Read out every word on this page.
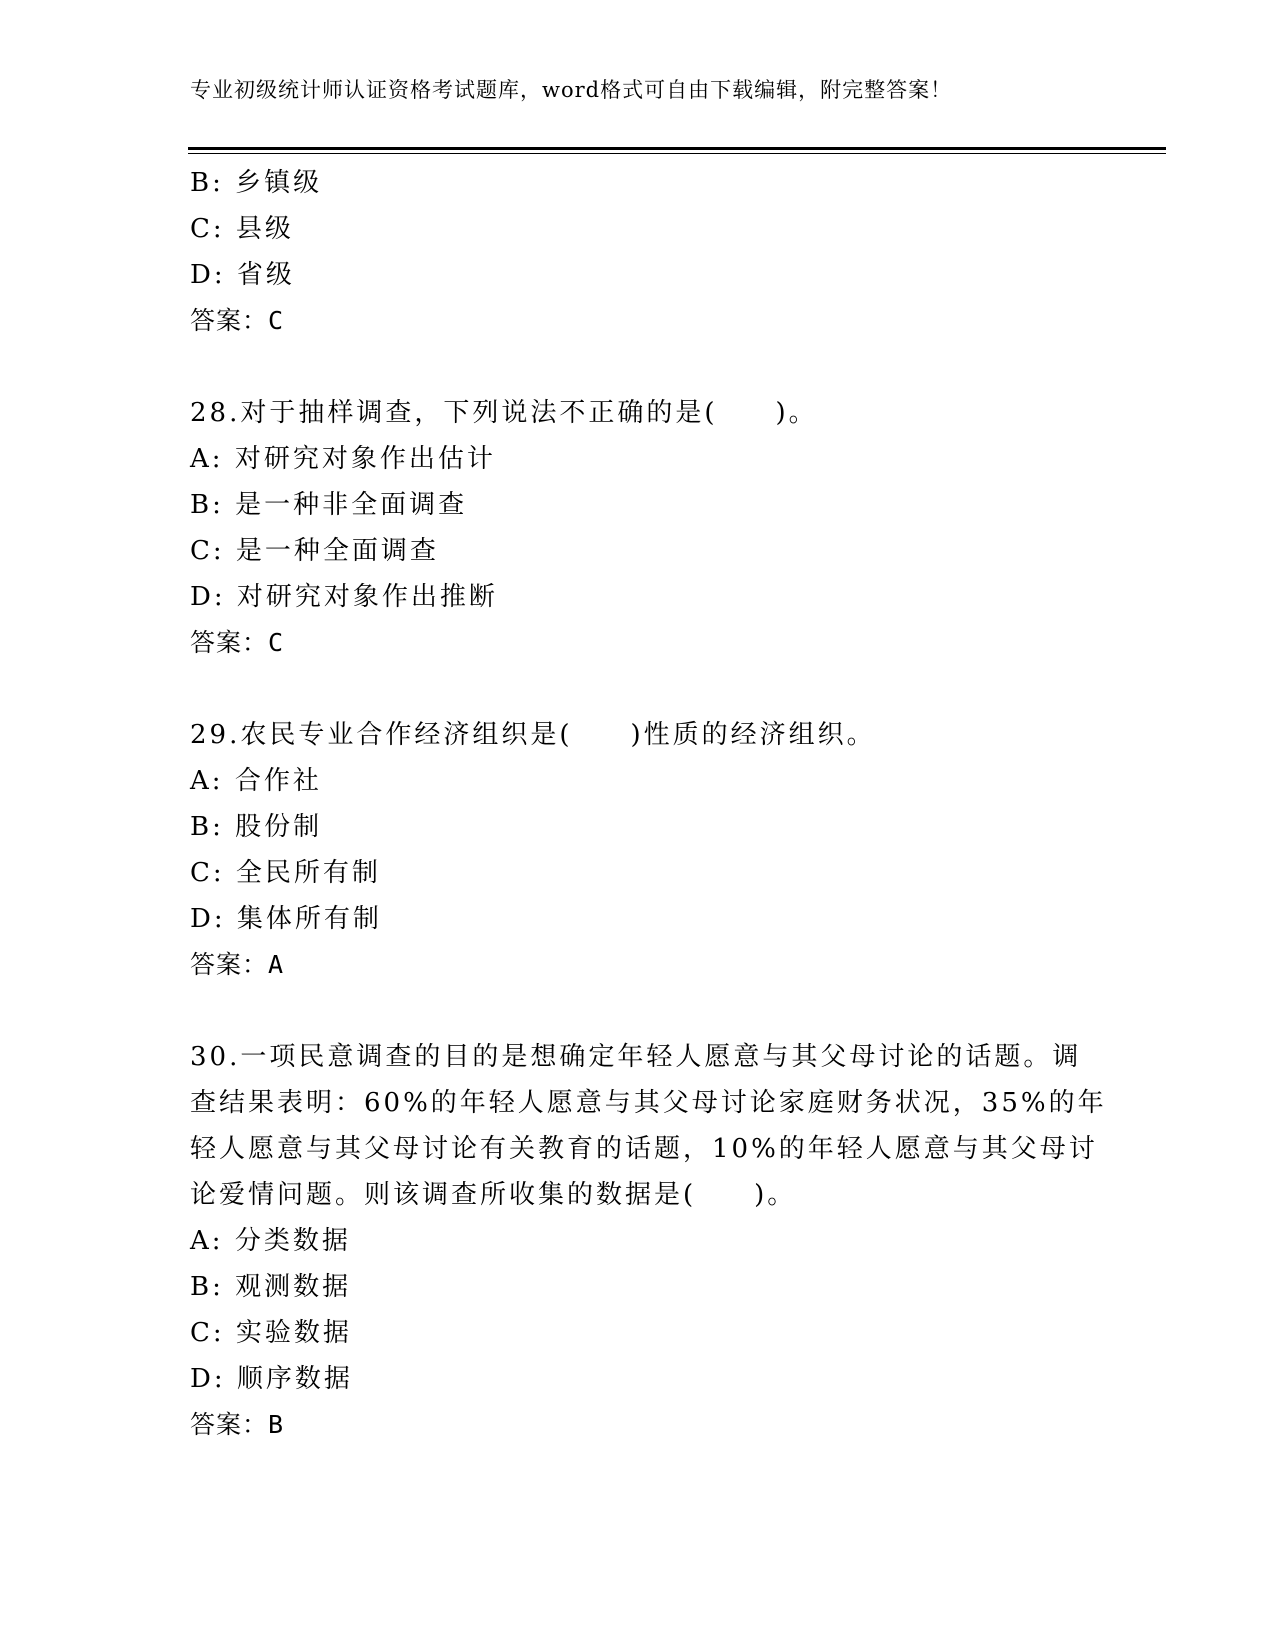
专业初级统计师认证资格考试题库，word格式可自由下载编辑，附完整答案！
B: 乡镇级
C: 县级
D: 省级
答案：C
28.对于抽样调查，下列说法不正确的是(　　)。
A: 对研究对象作出估计
B: 是一种非全面调查
C: 是一种全面调查
D: 对研究对象作出推断
答案：C
29.农民专业合作经济组织是(　　)性质的经济组织。
A: 合作社
B: 股份制
C: 全民所有制
D: 集体所有制
答案：A
30.一项民意调查的目的是想确定年轻人愿意与其父母讨论的话题。调
查结果表明：60%的年轻人愿意与其父母讨论家庭财务状况，35%的年
轻人愿意与其父母讨论有关教育的话题，10%的年轻人愿意与其父母讨
论爱情问题。则该调查所收集的数据是(　　)。
A: 分类数据
B: 观测数据
C: 实验数据
D: 顺序数据
答案：B
